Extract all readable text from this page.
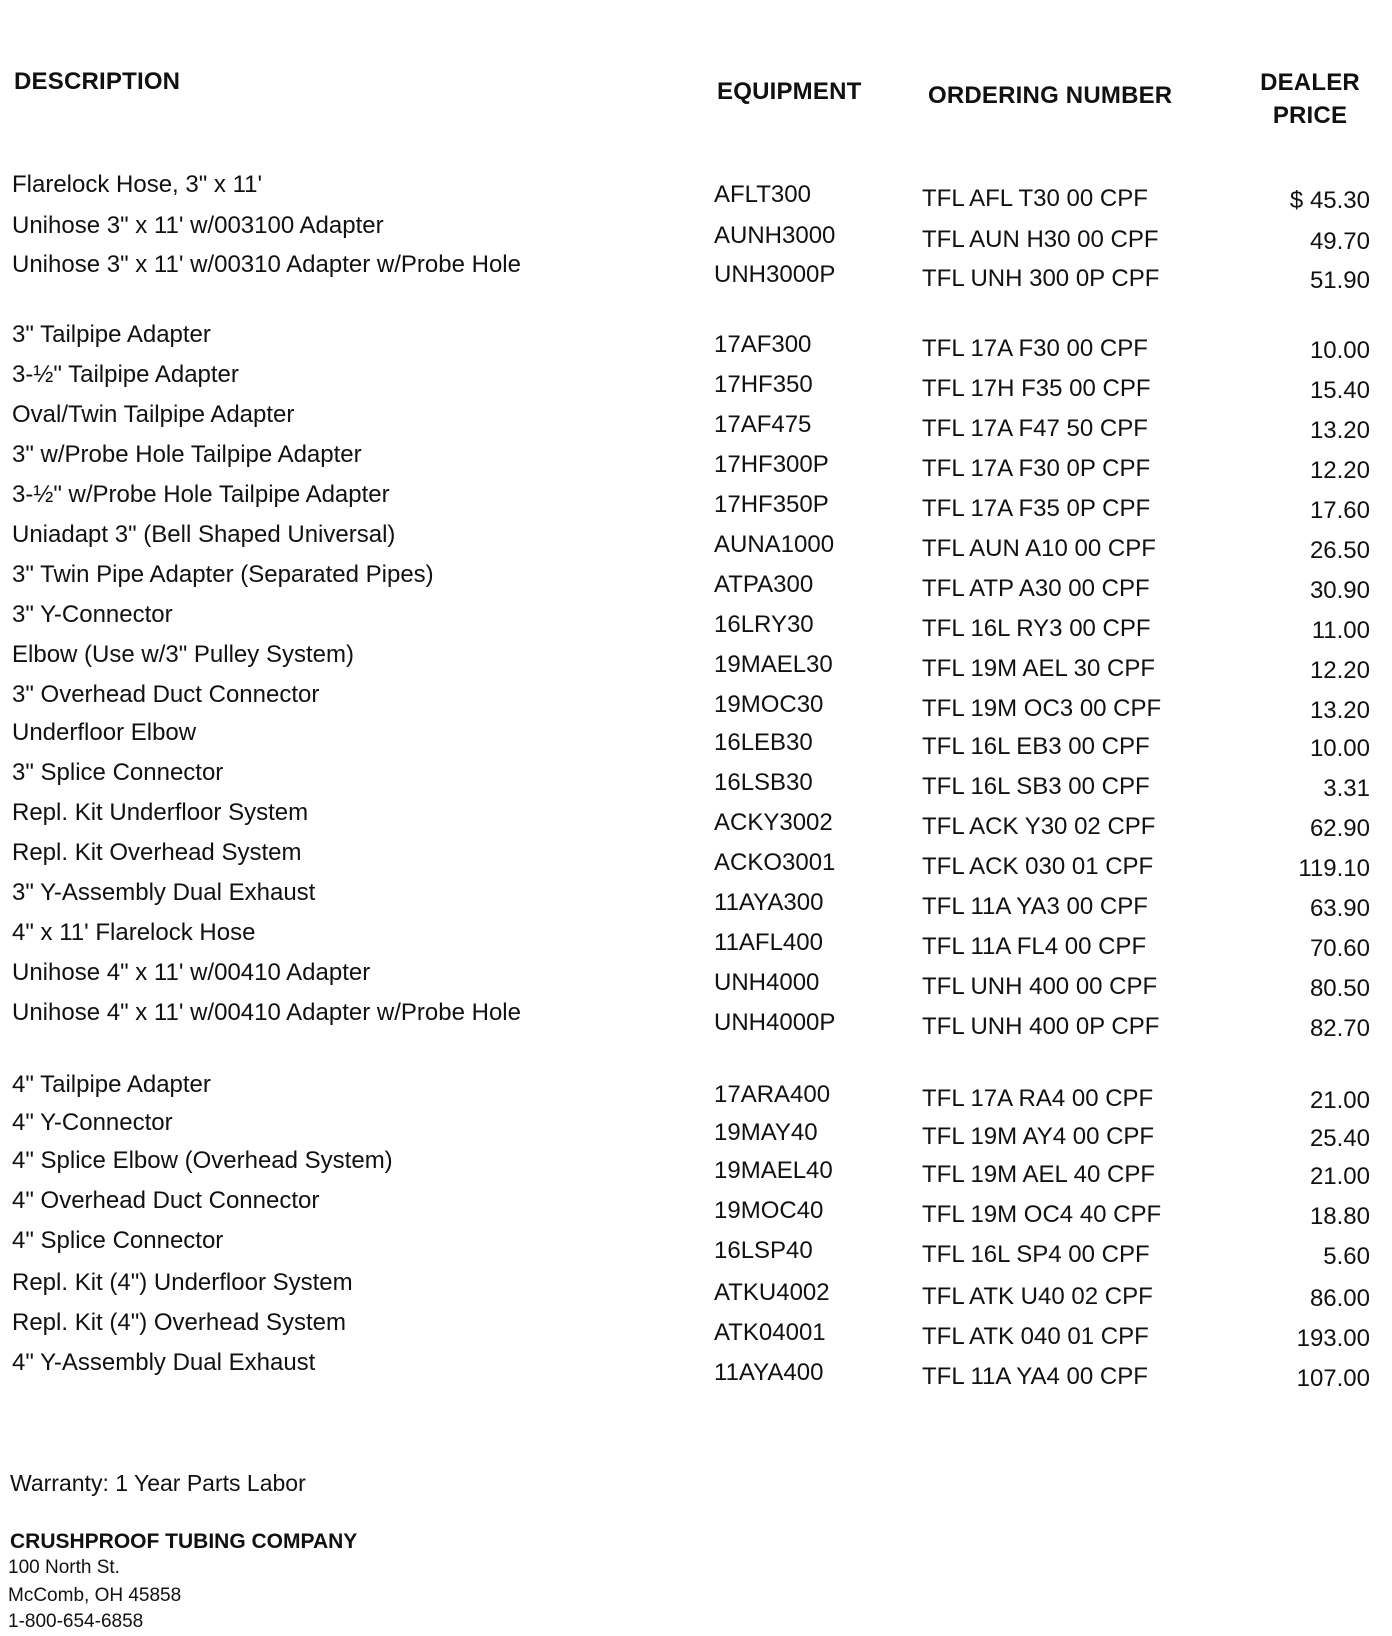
DESCRIPTION	EQUIPMENT	ORDERING NUMBER	DEALER
PRICE
Flarelock Hose, 3" x 11'	AFLT300	TFL AFL T30 00 CPF	$ 45.30
Unihose 3" x 11' w/003100 Adapter	AUNH3000	TFL AUN H30 00 CPF	49.70
Unihose 3" x 11' w/00310 Adapter w/Probe Hole	UNH3000P	TFL UNH 300 0P CPF	51.90
3" Tailpipe Adapter	17AF300	TFL 17A F30 00 CPF	10.00
3-½" Tailpipe Adapter	17HF350	TFL 17H F35 00 CPF	15.40
Oval/Twin Tailpipe Adapter	17AF475	TFL 17A F47 50 CPF	13.20
3" w/Probe Hole Tailpipe Adapter	17HF300P	TFL 17A F30 0P CPF	12.20
3-½" w/Probe Hole Tailpipe Adapter	17HF350P	TFL 17A F35 0P CPF	17.60
Uniadapt 3" (Bell Shaped Universal)	AUNA1000	TFL AUN A10 00 CPF	26.50
3" Twin Pipe Adapter (Separated Pipes)	ATPA300	TFL ATP A30 00 CPF	30.90
3" Y-Connector	16LRY30	TFL 16L RY3 00 CPF	11.00
Elbow (Use w/3" Pulley System)	19MAEL30	TFL 19M AEL 30 CPF	12.20
3" Overhead Duct Connector	19MOC30	TFL 19M OC3 00 CPF	13.20
Underfloor Elbow	16LEB30	TFL 16L EB3 00 CPF	10.00
3" Splice Connector	16LSB30	TFL 16L SB3 00 CPF	3.31
Repl. Kit Underfloor System	ACKY3002	TFL ACK Y30 02 CPF	62.90
Repl. Kit Overhead System	ACKO3001	TFL ACK 030 01 CPF	119.10
3" Y-Assembly Dual Exhaust	11AYA300	TFL 11A YA3 00 CPF	63.90
4" x 11' Flarelock Hose	11AFL400	TFL 11A FL4 00 CPF	70.60
Unihose 4" x 11' w/00410 Adapter	UNH4000	TFL UNH 400 00 CPF	80.50
Unihose 4" x 11' w/00410 Adapter w/Probe Hole	UNH4000P	TFL UNH 400 0P CPF	82.70
4" Tailpipe Adapter	17ARA400	TFL 17A RA4 00 CPF	21.00
4" Y-Connector	19MAY40	TFL 19M AY4 00 CPF	25.40
4" Splice Elbow (Overhead System)	19MAEL40	TFL 19M AEL 40 CPF	21.00
4" Overhead Duct Connector	19MOC40	TFL 19M OC4 40 CPF	18.80
4" Splice Connector	16LSP40	TFL 16L SP4 00 CPF	5.60
Repl. Kit (4") Underfloor System	ATKU4002	TFL ATK U40 02 CPF	86.00
Repl. Kit (4") Overhead System	ATK04001	TFL ATK 040 01 CPF	193.00
4" Y-Assembly Dual Exhaust	11AYA400	TFL 11A YA4 00 CPF	107.00
Warranty: 1 Year Parts Labor
CRUSHPROOF TUBING COMPANY
100 North St.
McComb, OH 45858
1-800-654-6858
